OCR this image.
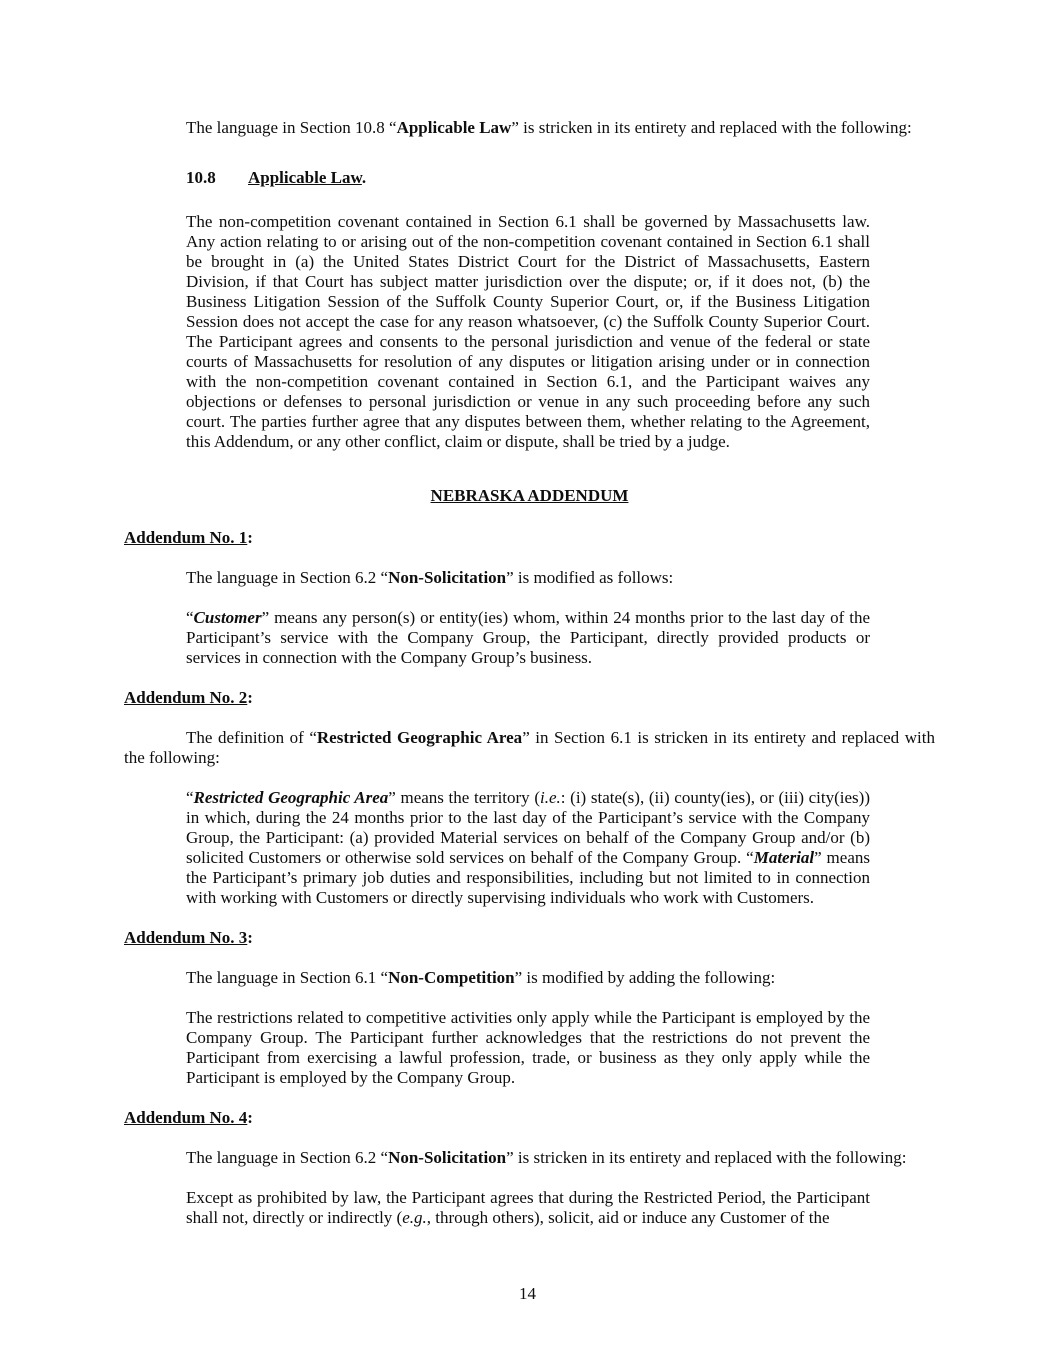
The language in Section 10.8 “Applicable Law” is stricken in its entirety and replaced with the following:

10.8 Applicable Law.

The non-competition covenant contained in Section 6.1 shall be governed by Massachusetts law. Any action relating to or arising out of the non-competition covenant contained in Section 6.1 shall be brought in (a) the United States District Court for the District of Massachusetts, Eastern Division, if that Court has subject matter jurisdiction over the dispute; or, if it does not, (b) the Business Litigation Session of the Suffolk County Superior Court, or, if the Business Litigation Session does not accept the case for any reason whatsoever, (c) the Suffolk County Superior Court. The Participant agrees and consents to the personal jurisdiction and venue of the federal or state courts of Massachusetts for resolution of any disputes or litigation arising under or in connection with the non-competition covenant contained in Section 6.1, and the Participant waives any objections or defenses to personal jurisdiction or venue in any such proceeding before any such court. The parties further agree that any disputes between them, whether relating to the Agreement, this Addendum, or any other conflict, claim or dispute, shall be tried by a judge.

NEBRASKA ADDENDUM

Addendum No. 1:

The language in Section 6.2 “Non-Solicitation” is modified as follows:

“Customer” means any person(s) or entity(ies) whom, within 24 months prior to the last day of the Participant’s service with the Company Group, the Participant, directly provided products or services in connection with the Company Group’s business.

Addendum No. 2:

The definition of “Restricted Geographic Area” in Section 6.1 is stricken in its entirety and replaced with the following:

“Restricted Geographic Area” means the territory (i.e.: (i) state(s), (ii) county(ies), or (iii) city(ies)) in which, during the 24 months prior to the last day of the Participant’s service with the Company Group, the Participant: (a) provided Material services on behalf of the Company Group and/or (b) solicited Customers or otherwise sold services on behalf of the Company Group. “Material” means the Participant’s primary job duties and responsibilities, including but not limited to in connection with working with Customers or directly supervising individuals who work with Customers.

Addendum No. 3:

The language in Section 6.1 “Non-Competition” is modified by adding the following:

The restrictions related to competitive activities only apply while the Participant is employed by the Company Group. The Participant further acknowledges that the restrictions do not prevent the Participant from exercising a lawful profession, trade, or business as they only apply while the Participant is employed by the Company Group.

Addendum No. 4:

The language in Section 6.2 “Non-Solicitation” is stricken in its entirety and replaced with the following:

Except as prohibited by law, the Participant agrees that during the Restricted Period, the Participant shall not, directly or indirectly (e.g., through others), solicit, aid or induce any Customer of the

14
